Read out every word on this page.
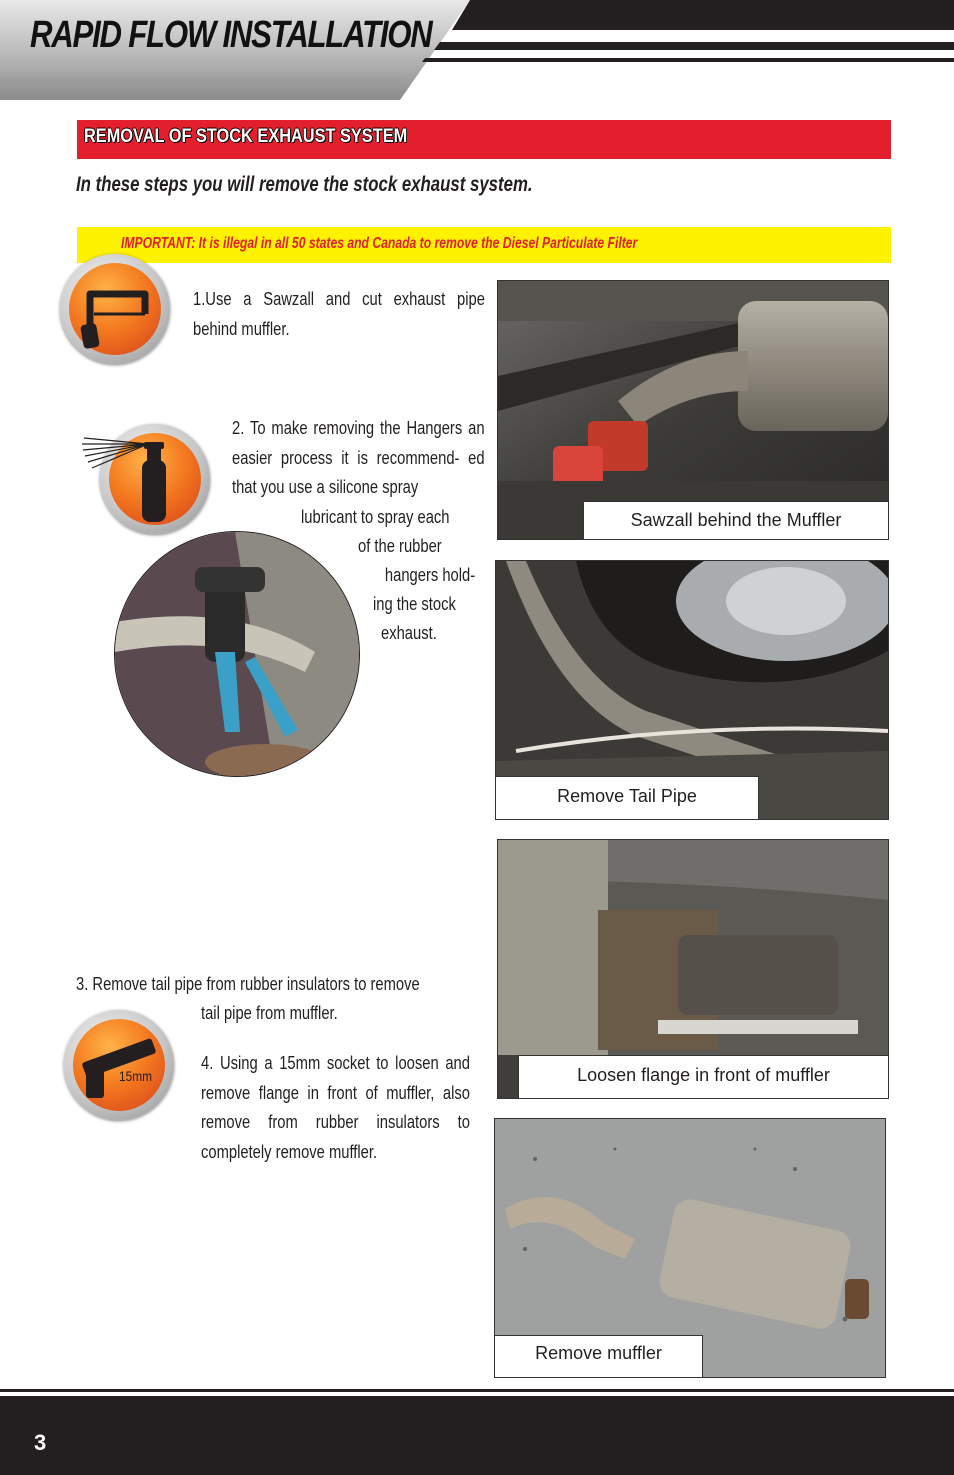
RAPID FLOW INSTALLATION
REMOVAL OF STOCK EXHAUST SYSTEM
In these steps you will remove the stock exhaust system.
IMPORTANT: It is illegal in all 50 states and Canada to remove the Diesel Particulate Filter
1.Use a Sawzall and cut exhaust pipe behind muffler.
Sawzall behind the Muffler
2. To make removing the Hangers an easier process it is recommend- ed that you use a silicone spray
lubricant to spray each
of the rubber
hangers hold-
ing the stock
exhaust.
Remove Tail Pipe
Loosen flange in front of muffler
3. Remove tail pipe from rubber insulators to remove
tail pipe from muffler.
15mm
4. Using a 15mm socket to loosen and remove flange in front of muffler, also remove from rubber insulators to completely remove muffler.
Remove muffler
3
